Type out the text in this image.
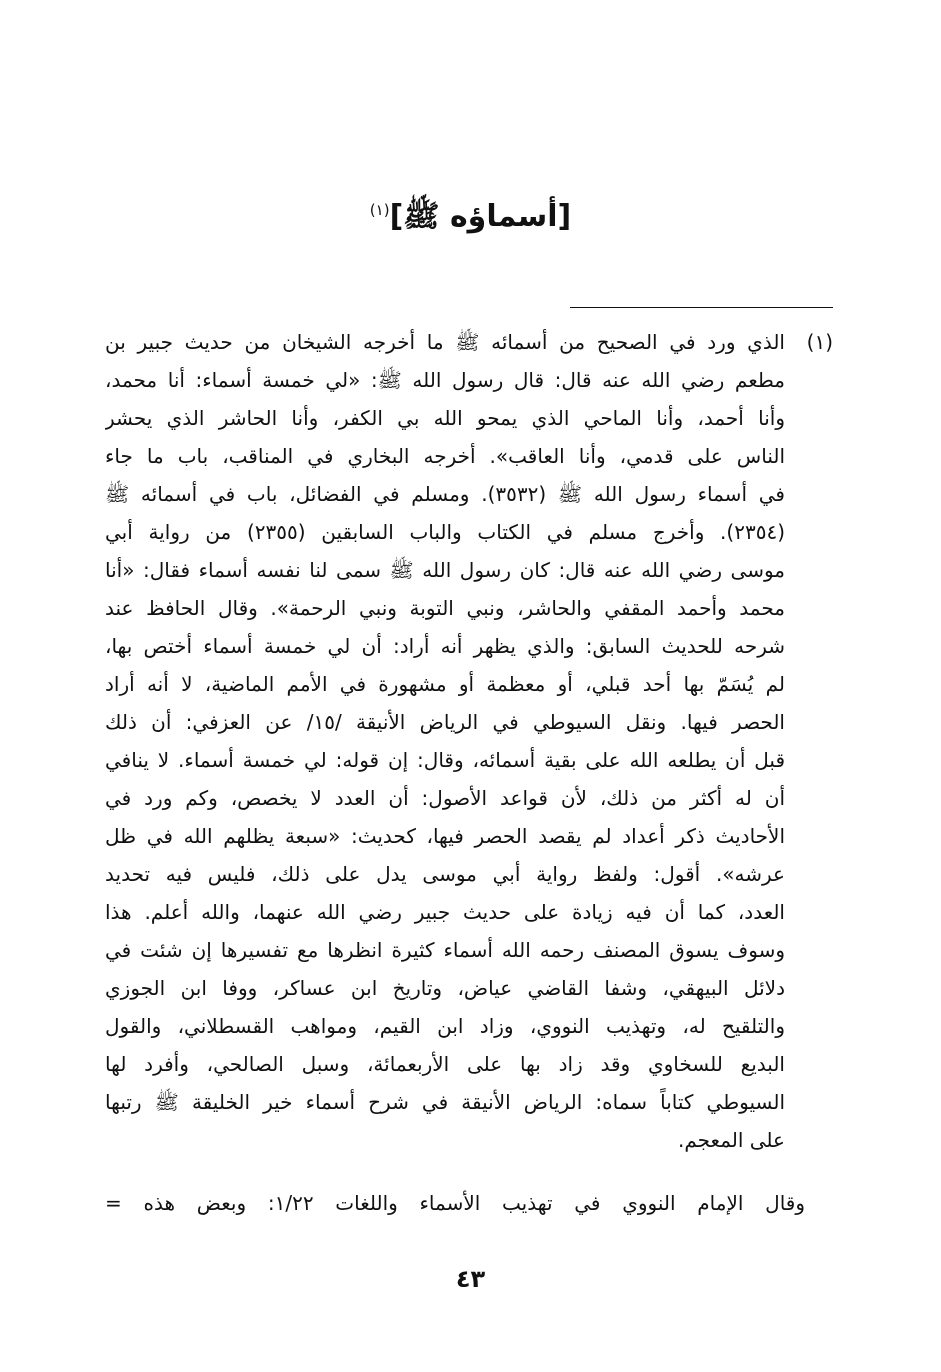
[أسماؤه ﷺ]$^{(١)}$
(١)الذي ورد في الصحيح من أسمائه ﷺ ما أخرجه الشيخان من حديث جبير بن
مطعم رضي الله عنه قال: قال رسول الله ﷺ: «لي خمسة أسماء: أنا محمد،
وأنا أحمد، وأنا الماحي الذي يمحو الله بي الكفر، وأنا الحاشر الذي يحشر
الناس على قدمي، وأنا العاقب». أخرجه البخاري في المناقب، باب ما جاء
في أسماء رسول الله ﷺ (٣٥٣٢). ومسلم في الفضائل، باب في أسمائه ﷺ
(٢٣٥٤). وأخرج مسلم في الكتاب والباب السابقين (٢٣٥٥) من رواية أبي
موسى رضي الله عنه قال: كان رسول الله ﷺ سمى لنا نفسه أسماء فقال: «أنا
محمد وأحمد المقفي والحاشر، ونبي التوبة ونبي الرحمة». وقال الحافظ عند
شرحه للحديث السابق: والذي يظهر أنه أراد: أن لي خمسة أسماء أختص بها،
لم يُسَمّ بها أحد قبلي، أو معظمة أو مشهورة في الأمم الماضية، لا أنه أراد
الحصر فيها. ونقل السيوطي في الرياض الأنيقة /١٥/ عن العزفي: أن ذلك
قبل أن يطلعه الله على بقية أسمائه، وقال: إن قوله: لي خمسة أسماء. لا ينافي
أن له أكثر من ذلك، لأن قواعد الأصول: أن العدد لا يخصص، وكم ورد في
الأحاديث ذكر أعداد لم يقصد الحصر فيها، كحديث: «سبعة يظلهم الله في ظل
عرشه». أقول: ولفظ رواية أبي موسى يدل على ذلك، فليس فيه تحديد
العدد، كما أن فيه زيادة على حديث جبير رضي الله عنهما، والله أعلم. هذا
وسوف يسوق المصنف رحمه الله أسماء كثيرة انظرها مع تفسيرها إن شئت في
دلائل البيهقي، وشفا القاضي عياض، وتاريخ ابن عساكر، ووفا ابن الجوزي
والتلقيح له، وتهذيب النووي، وزاد ابن القيم، ومواهب القسطلاني، والقول
البديع للسخاوي وقد زاد بها على الأربعمائة، وسبل الصالحي، وأفرد لها
السيوطي كتاباً سماه: الرياض الأنيقة في شرح أسماء خير الخليقة ﷺ رتبها
على المعجم.
وقال الإمام النووي في تهذيب الأسماء واللغات ١/٢٢: وبعض هذه =
٤٣
